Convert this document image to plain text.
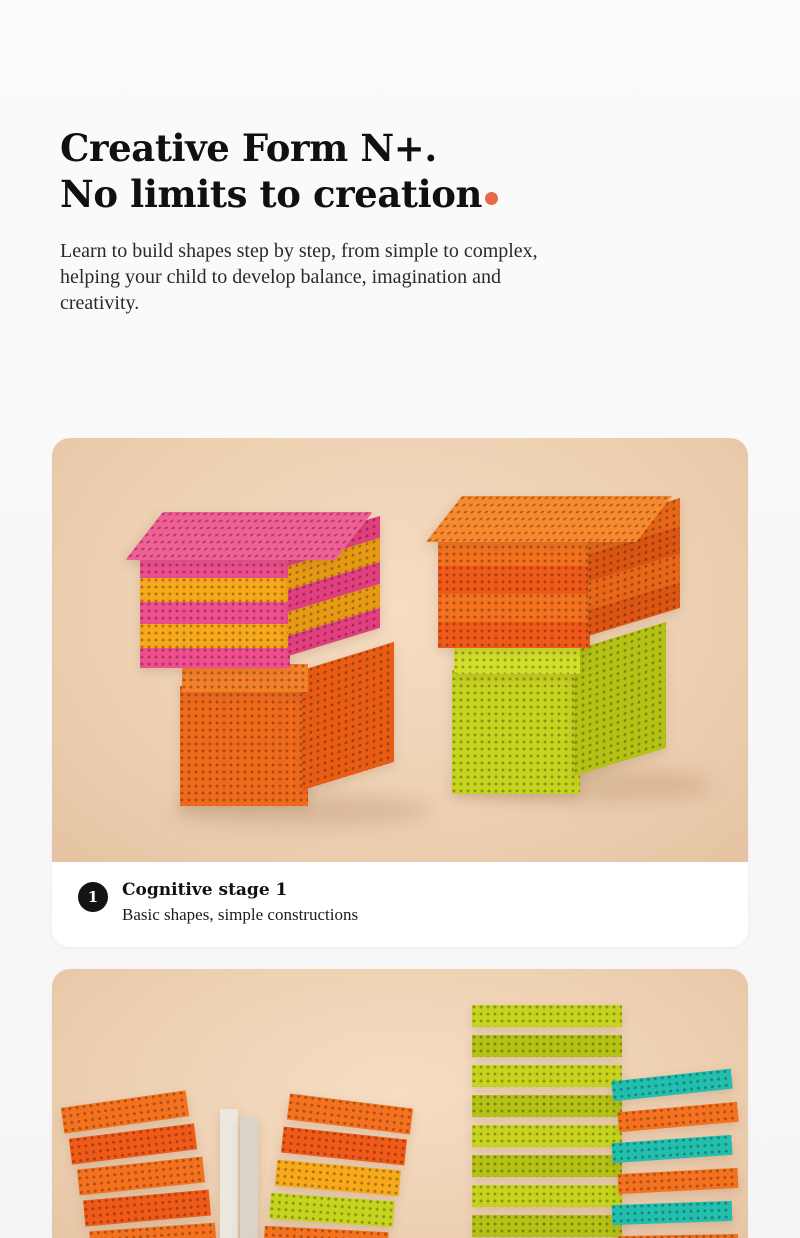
Creative Form N+.
No limits to creation

Learn to build shapes step by step, from simple to complex, helping your child to develop balance, imagination and creativity.

1	Cognitive stage 1
Basic shapes, simple constructions
